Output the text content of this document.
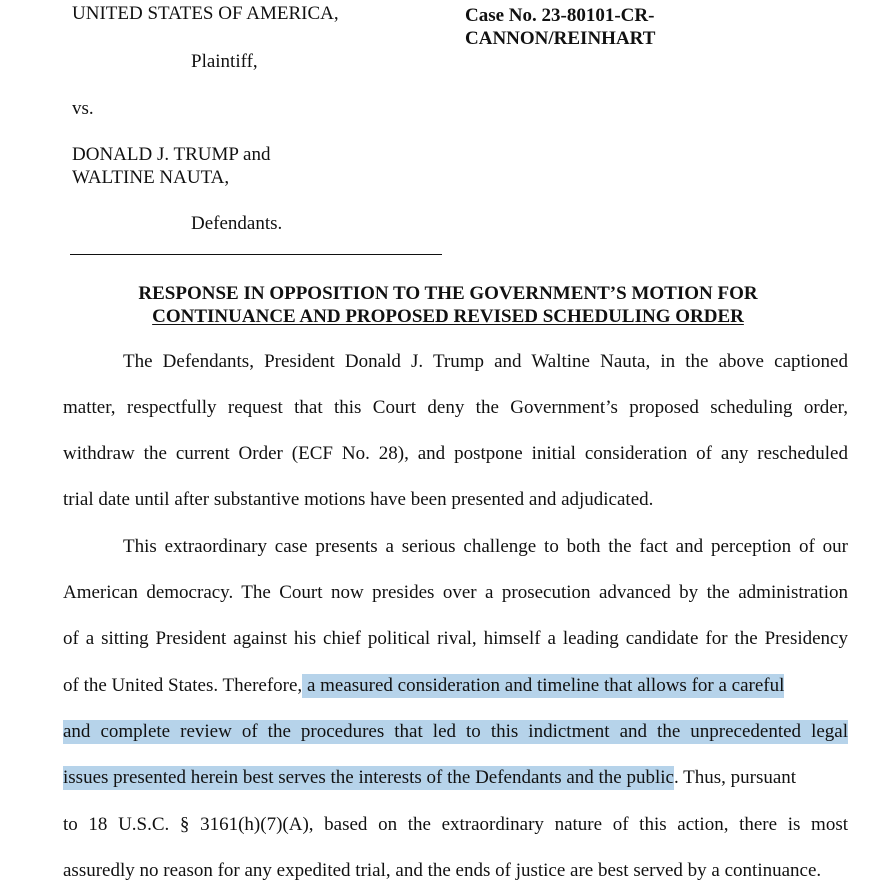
UNITED STATES OF AMERICA,
Plaintiff,
vs.
DONALD J. TRUMP and
WALTINE NAUTA,
Defendants.
Case No. 23-80101-CR-
CANNON/REINHART
RESPONSE IN OPPOSITION TO THE GOVERNMENT’S MOTION FOR
CONTINUANCE AND PROPOSED REVISED SCHEDULING ORDER
The Defendants, President Donald J. Trump and Waltine Nauta, in the above captioned
matter, respectfully request that this Court deny the Government’s proposed scheduling order,
withdraw the current Order (ECF No. 28), and postpone initial consideration of any rescheduled
trial date until after substantive motions have been presented and adjudicated.
This extraordinary case presents a serious challenge to both the fact and perception of our
American democracy. The Court now presides over a prosecution advanced by the administration
of a sitting President against his chief political rival, himself a leading candidate for the Presidency
of the United States. Therefore, a measured consideration and timeline that allows for a careful
and complete review of the procedures that led to this indictment and the unprecedented legal
issues presented herein best serves the interests of the Defendants and the public. Thus, pursuant
to 18 U.S.C. § 3161(h)(7)(A), based on the extraordinary nature of this action, there is most
assuredly no reason for any expedited trial, and the ends of justice are best served by a continuance.
